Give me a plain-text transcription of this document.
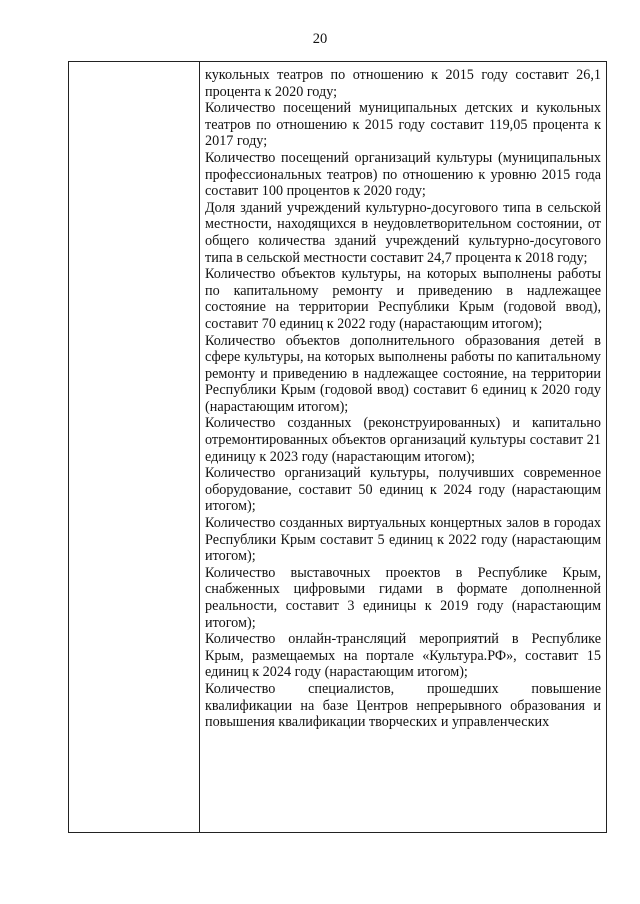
20

кукольных театров по отношению к 2015 году составит 26,1 процента к 2020 году;

Количество посещений муниципальных детских и кукольных театров по отношению к 2015 году составит 119,05 процента к 2017 году;

Количество посещений организаций культуры (муниципальных профессиональных театров) по отношению к уровню 2015 года составит 100 процентов к 2020 году;

Доля зданий учреждений культурно-досугового типа в сельской местности, находящихся в неудовлетворительном состоянии, от общего количества зданий учреждений культурно-досугового типа в сельской местности составит 24,7 процента к 2018 году;

Количество объектов культуры, на которых выполнены работы по капитальному ремонту и приведению в надлежащее состояние на территории Республики Крым (годовой ввод), составит 70 единиц к 2022 году (нарастающим итогом);

Количество объектов дополнительного образования детей в сфере культуры, на которых выполнены работы по капитальному ремонту и приведению в надлежащее состояние, на территории Республики Крым (годовой ввод) составит 6 единиц к 2020 году (нарастающим итогом);

Количество созданных (реконструированных) и капитально отремонтированных объектов организаций культуры составит 21 единицу к 2023 году (нарастающим итогом);

Количество организаций культуры, получивших современное оборудование, составит 50 единиц к 2024 году (нарастающим итогом);

Количество созданных виртуальных концертных залов в городах Республики Крым составит 5 единиц к 2022 году (нарастающим итогом);

Количество выставочных проектов в Республике Крым, снабженных цифровыми гидами в формате дополненной реальности, составит 3 единицы к 2019 году (нарастающим итогом);

Количество онлайн-трансляций мероприятий в Республике Крым, размещаемых на портале «Культура.РФ», составит 15 единиц к 2024 году (нарастающим итогом);

Количество специалистов, прошедших повышение квалификации на базе Центров непрерывного образования и повышения квалификации творческих и управленческих
